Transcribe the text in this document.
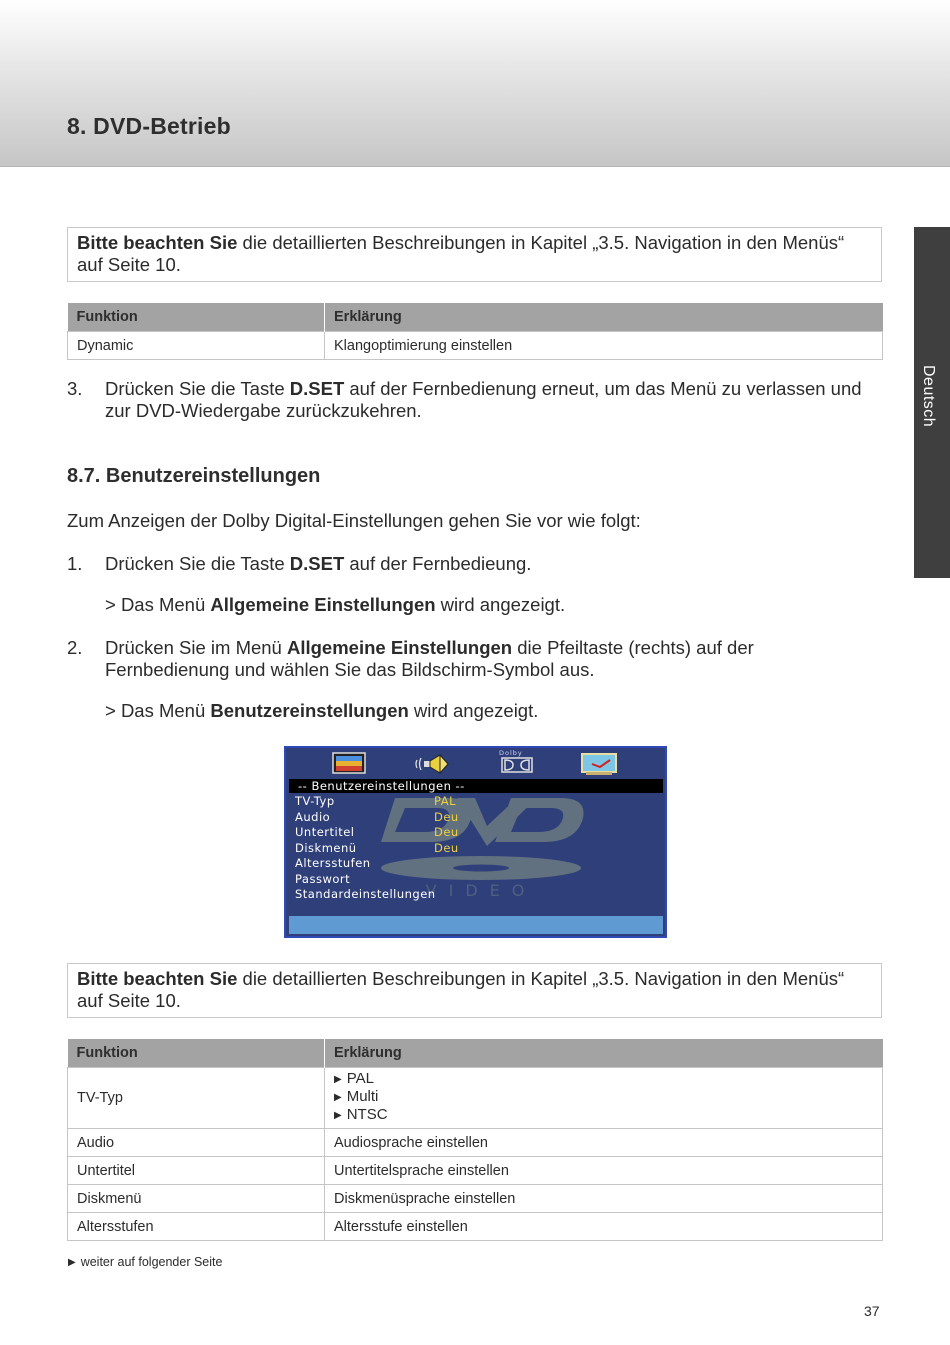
8. DVD-Betrieb
Deutsch
Bitte beachten Sie die detaillierten Beschreibungen in Kapitel „3.5. Navigation in den Menüs“ auf Seite 10.
Funktion	Erklärung
Dynamic	Klangoptimierung einstellen
3. Drücken Sie die Taste D.SET auf der Fernbedienung erneut, um das Menü zu verlassen und zur DVD-Wiedergabe zurückzukehren.
8.7. Benutzereinstellungen
Zum Anzeigen der Dolby Digital-Einstellungen gehen Sie vor wie folgt:
1. Drücken Sie die Taste D.SET auf der Fernbedieung.
> Das Menü Allgemeine Einstellungen wird angezeigt.
2. Drücken Sie im Menü Allgemeine Einstellungen die Pfeiltaste (rechts) auf der Fernbedienung und wählen Sie das Bildschirm-Symbol aus.
> Das Menü Benutzereinstellungen wird angezeigt.
Dolby
-- Benutzereinstellungen --
VIDEO
TV-Typ	PAL
Audio	Deu
Untertitel	Deu
Diskmenü	Deu
Altersstufen
Passwort
Standardeinstellungen
Bitte beachten Sie die detaillierten Beschreibungen in Kapitel „3.5. Navigation in den Menüs“ auf Seite 10.
Funktion	Erklärung
TV-Typ	▶ PAL
▶ Multi
▶ NTSC

Audio	Audiosprache einstellen
Untertitel	Untertitelsprache einstellen
Diskmenü	Diskmenüsprache einstellen
Altersstufen	Altersstufe einstellen
▶ weiter auf folgender Seite
37
